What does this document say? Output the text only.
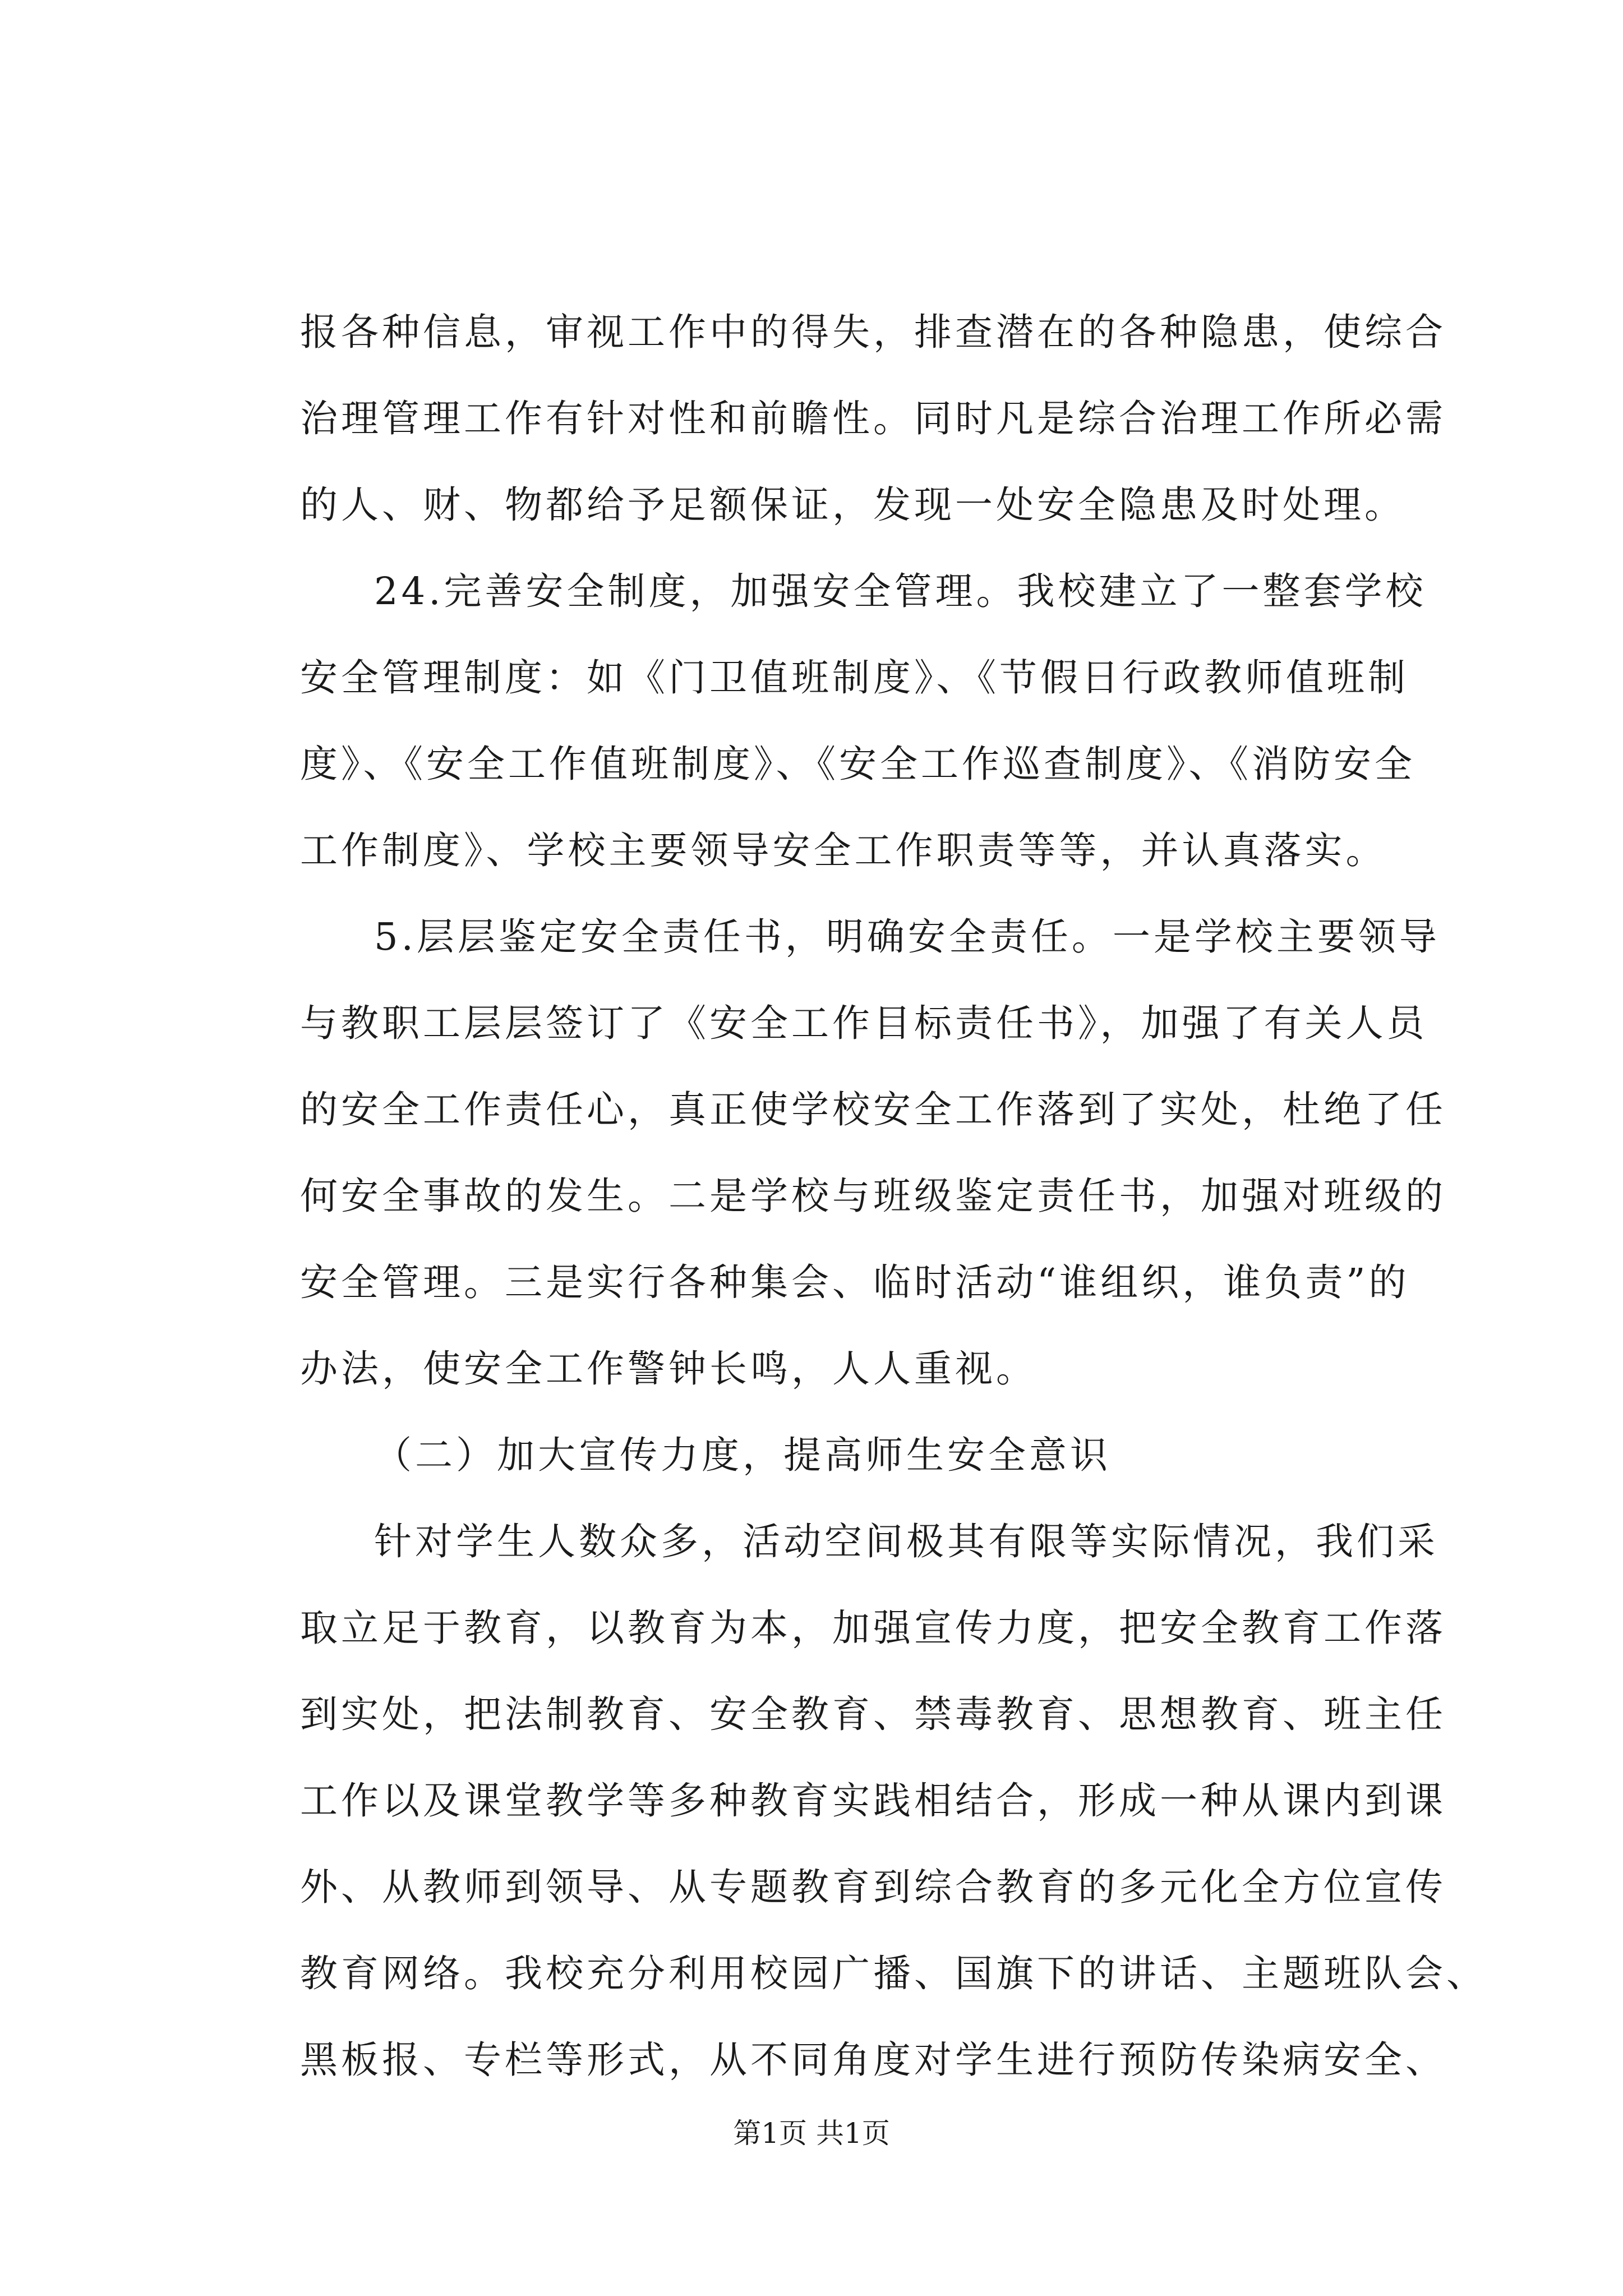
报各种信息，审视工作中的得失，排查潜在的各种隐患，使综合
治理管理工作有针对性和前瞻性。同时凡是综合治理工作所必需
的人、财、物都给予足额保证，发现一处安全隐患及时处理。
24.完善安全制度，加强安全管理。我校建立了一整套学校
安全管理制度：如《门卫值班制度》、《节假日行政教师值班制
度》、《安全工作值班制度》、《安全工作巡查制度》、《消防安全
工作制度》、学校主要领导安全工作职责等等，并认真落实。
5.层层鉴定安全责任书，明确安全责任。一是学校主要领导
与教职工层层签订了《安全工作目标责任书》，加强了有关人员
的安全工作责任心，真正使学校安全工作落到了实处，杜绝了任
何安全事故的发生。二是学校与班级鉴定责任书，加强对班级的
安全管理。三是实行各种集会、临时活动“谁组织，谁负责”的
办法，使安全工作警钟长鸣，人人重视。
（二）加大宣传力度，提高师生安全意识
针对学生人数众多，活动空间极其有限等实际情况，我们采
取立足于教育，以教育为本，加强宣传力度，把安全教育工作落
到实处，把法制教育、安全教育、禁毒教育、思想教育、班主任
工作以及课堂教学等多种教育实践相结合，形成一种从课内到课
外、从教师到领导、从专题教育到综合教育的多元化全方位宣传
教育网络。我校充分利用校园广播、国旗下的讲话、主题班队会、
黑板报、专栏等形式，从不同角度对学生进行预防传染病安全、
第1页 共1页
